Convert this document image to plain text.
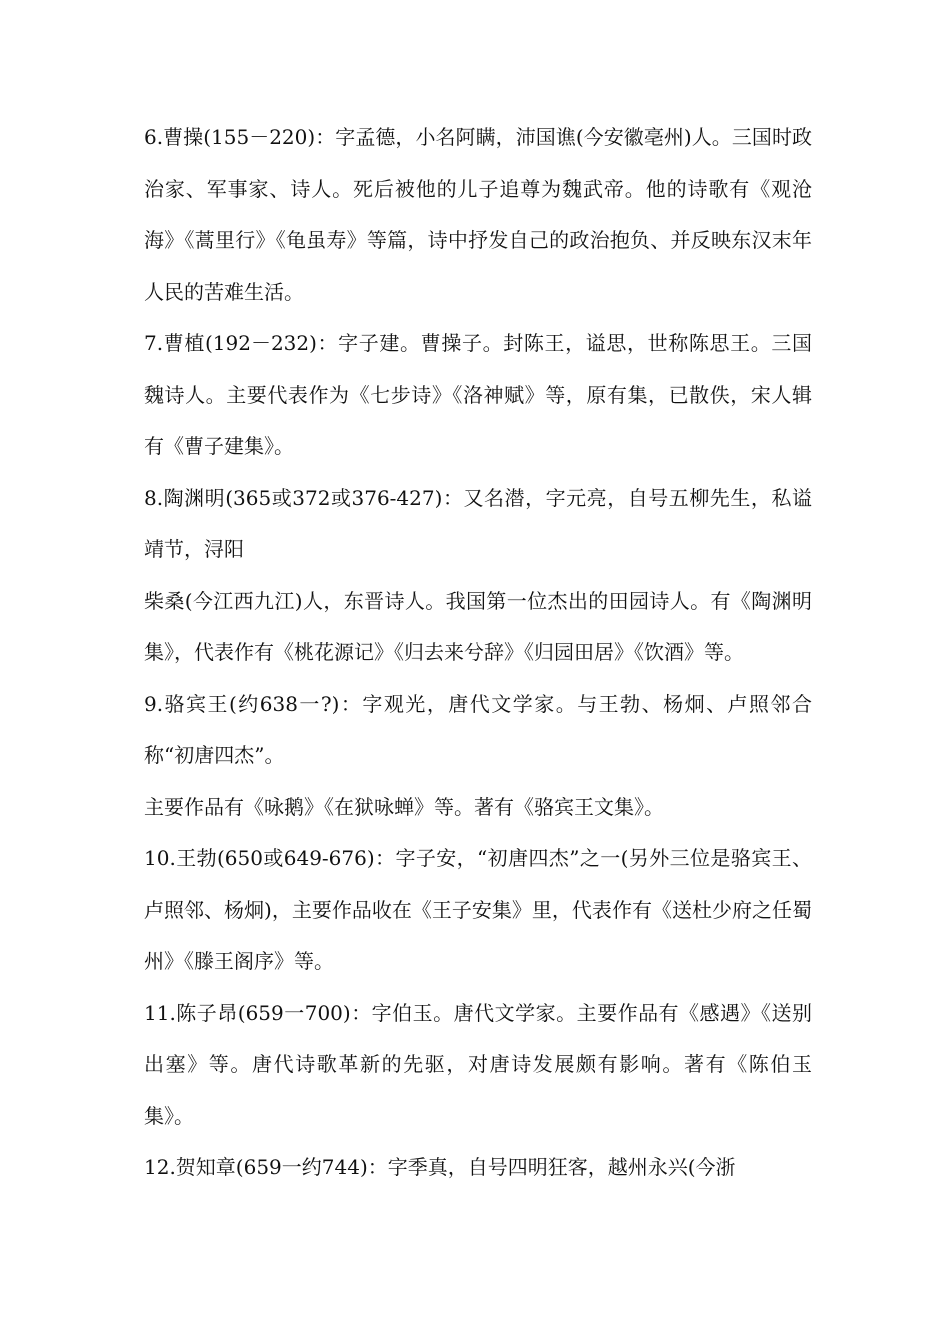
6.曹操(155－220)：字孟德，小名阿瞒，沛国谯(今安徽亳州)人。三国时政治家、军事家、诗人。死后被他的儿子追尊为魏武帝。他的诗歌有《观沧海》《蒿里行》《龟虽寿》等篇，诗中抒发自己的政治抱负、并反映东汉末年人民的苦难生活。

7.曹植(192－232)：字子建。曹操子。封陈王，谥思，世称陈思王。三国魏诗人。主要代表作为《七步诗》《洛神赋》等，原有集，已散佚，宋人辑有《曹子建集》。

8.陶渊明(365或372或376-427)：又名潜，字元亮，自号五柳先生，私谥靖节，浔阳

柴桑(今江西九江)人，东晋诗人。我国第一位杰出的田园诗人。有《陶渊明集》，代表作有《桃花源记》《归去来兮辞》《归园田居》《饮酒》等。

9.骆宾王(约638一?)：字观光，唐代文学家。与王勃、杨炯、卢照邻合称“初唐四杰”。

主要作品有《咏鹅》《在狱咏蝉》等。著有《骆宾王文集》。

10.王勃(650或649-676)：字子安，“初唐四杰”之一(另外三位是骆宾王、卢照邻、杨炯)，主要作品收在《王子安集》里，代表作有《送杜少府之任蜀州》《滕王阁序》等。

11.陈子昂(659一700)：字伯玉。唐代文学家。主要作品有《感遇》《送别出塞》等。唐代诗歌革新的先驱，对唐诗发展颇有影响。著有《陈伯玉集》。

12.贺知章(659一约744)：字季真，自号四明狂客，越州永兴(今浙
